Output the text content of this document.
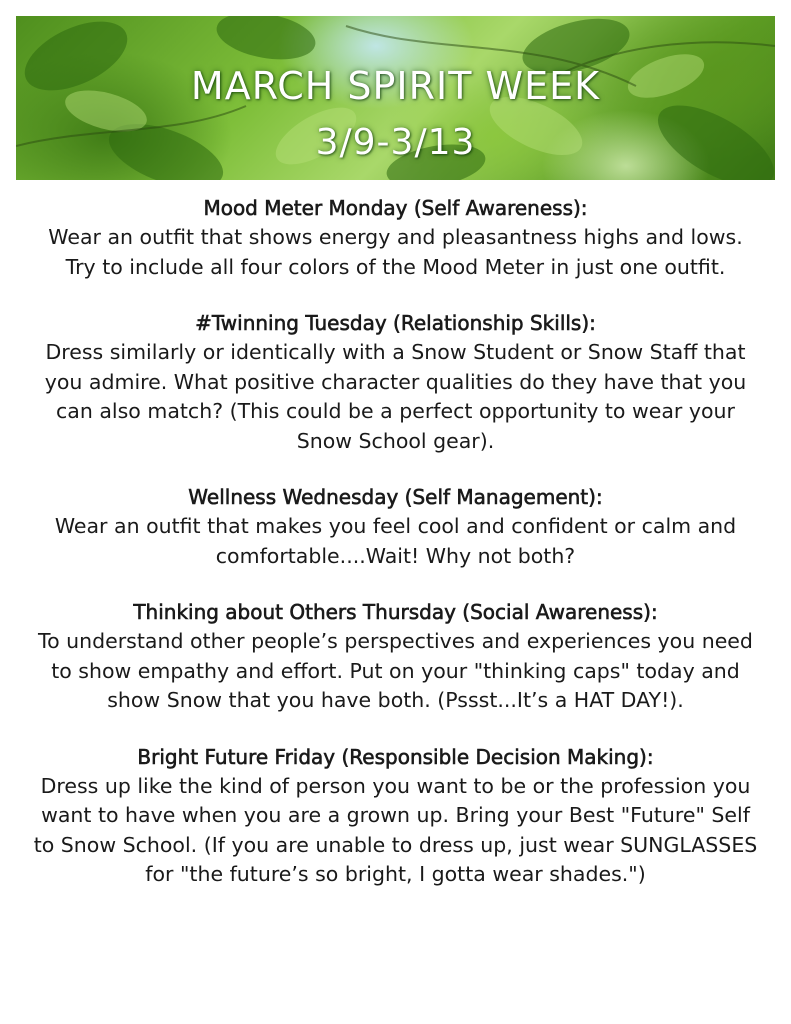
MARCH SPIRIT WEEK
3/9-3/13
Mood Meter Monday (Self Awareness):
Wear an outfit that shows energy and pleasantness highs and lows. Try to include all four colors of the Mood Meter in just one outfit.
#Twinning Tuesday (Relationship Skills):
Dress similarly or identically with a Snow Student or Snow Staff that you admire. What positive character qualities do they have that you can also match? (This could be a perfect opportunity to wear your Snow School gear).
Wellness Wednesday (Self Management):
Wear an outfit that makes you feel cool and confident or calm and comfortable....Wait! Why not both?
Thinking about Others Thursday (Social Awareness):
To understand other people’s perspectives and experiences you need to show empathy and effort. Put on your "thinking caps" today and show Snow that you have both. (Pssst...It’s a HAT DAY!).
Bright Future Friday (Responsible Decision Making):
Dress up like the kind of person you want to be or the profession you want to have when you are a grown up. Bring your Best "Future" Self to Snow School. (If you are unable to dress up, just wear SUNGLASSES for "the future’s so bright, I gotta wear shades.")
